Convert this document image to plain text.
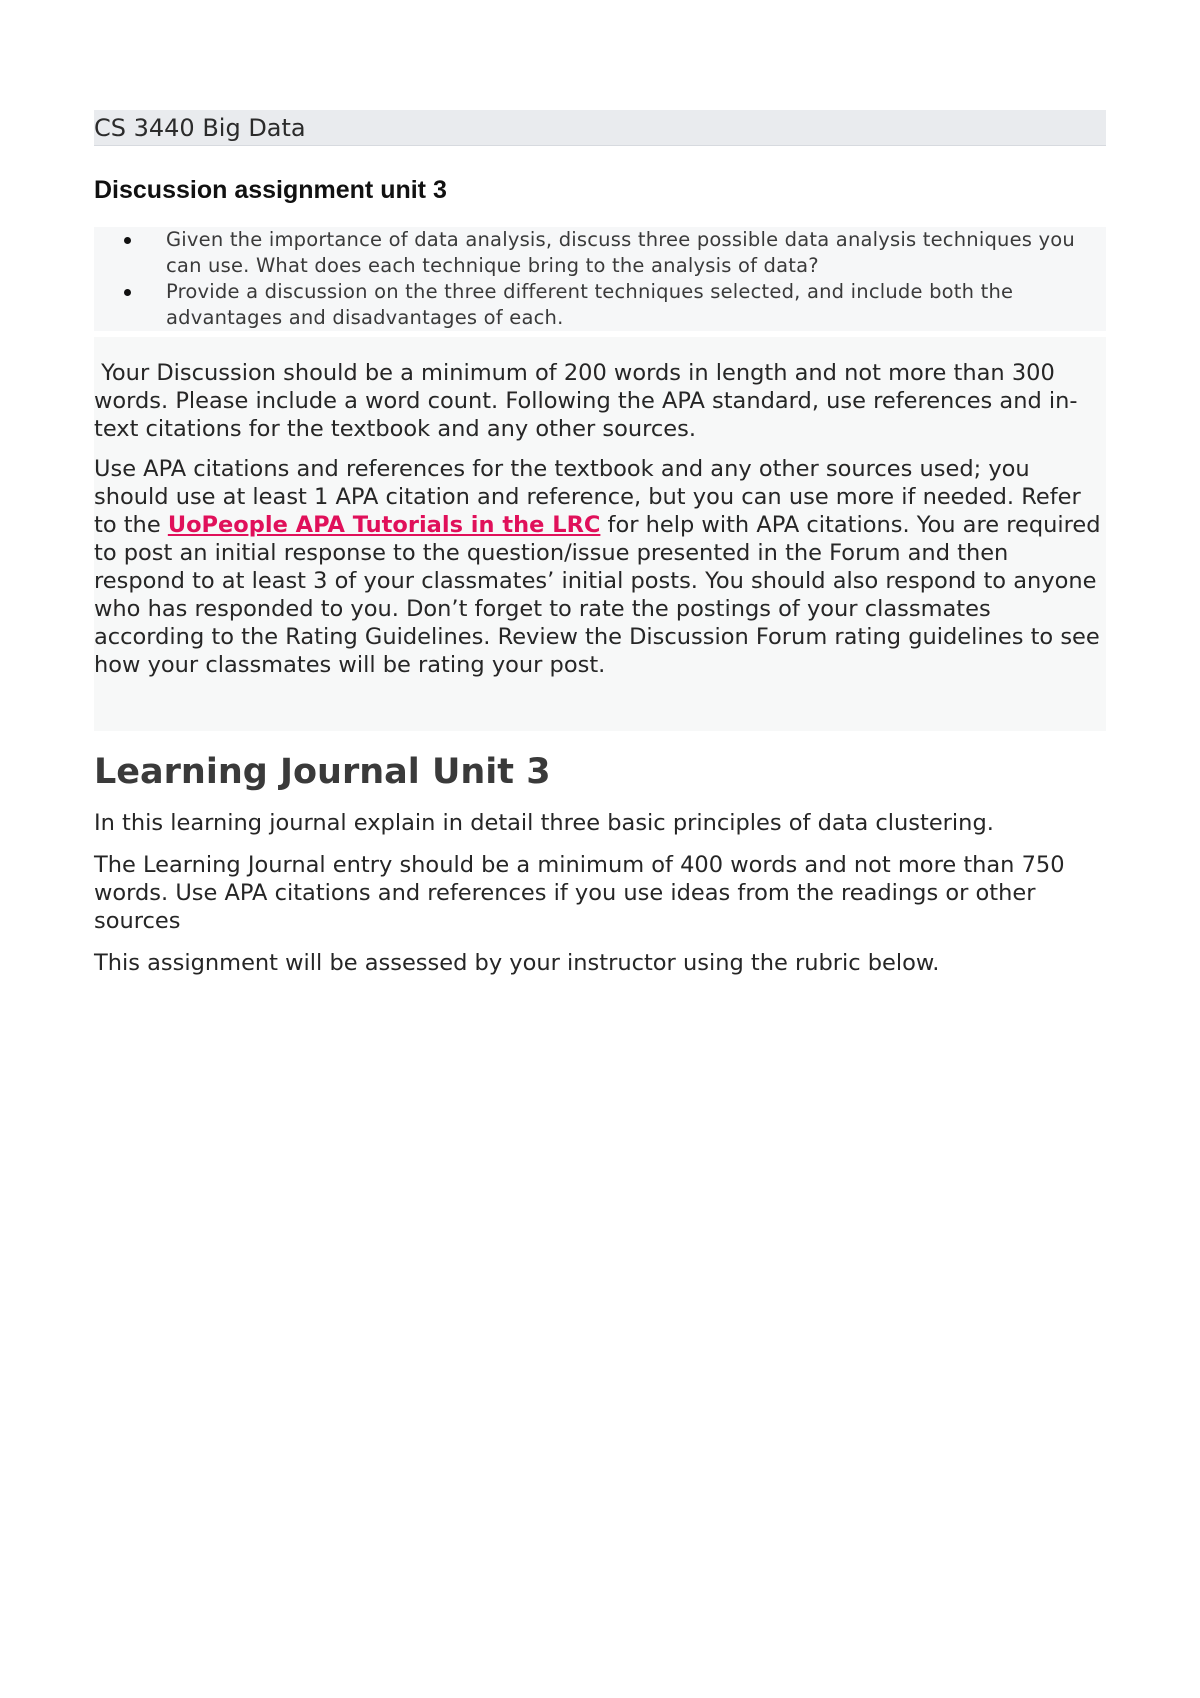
CS 3440 Big Data
Discussion assignment unit 3
Given the importance of data analysis, discuss three possible data analysis techniques you can use. What does each technique bring to the analysis of data?
Provide a discussion on the three different techniques selected, and include both the advantages and disadvantages of each.

Your Discussion should be a minimum of 200 words in length and not more than 300 words. Please include a word count. Following the APA standard, use references and in-text citations for the textbook and any other sources.

Use APA citations and references for the textbook and any other sources used; you should use at least 1 APA citation and reference, but you can use more if needed. Refer to the UoPeople APA Tutorials in the LRC for help with APA citations. You are required to post an initial response to the question/issue presented in the Forum and then respond to at least 3 of your classmates’ initial posts. You should also respond to anyone who has responded to you. Don’t forget to rate the postings of your classmates according to the Rating Guidelines. Review the Discussion Forum rating guidelines to see how your classmates will be rating your post.

Learning Journal Unit 3

In this learning journal explain in detail three basic principles of data clustering.

The Learning Journal entry should be a minimum of 400 words and not more than 750 words. Use APA citations and references if you use ideas from the readings or other sources

This assignment will be assessed by your instructor using the rubric below.
